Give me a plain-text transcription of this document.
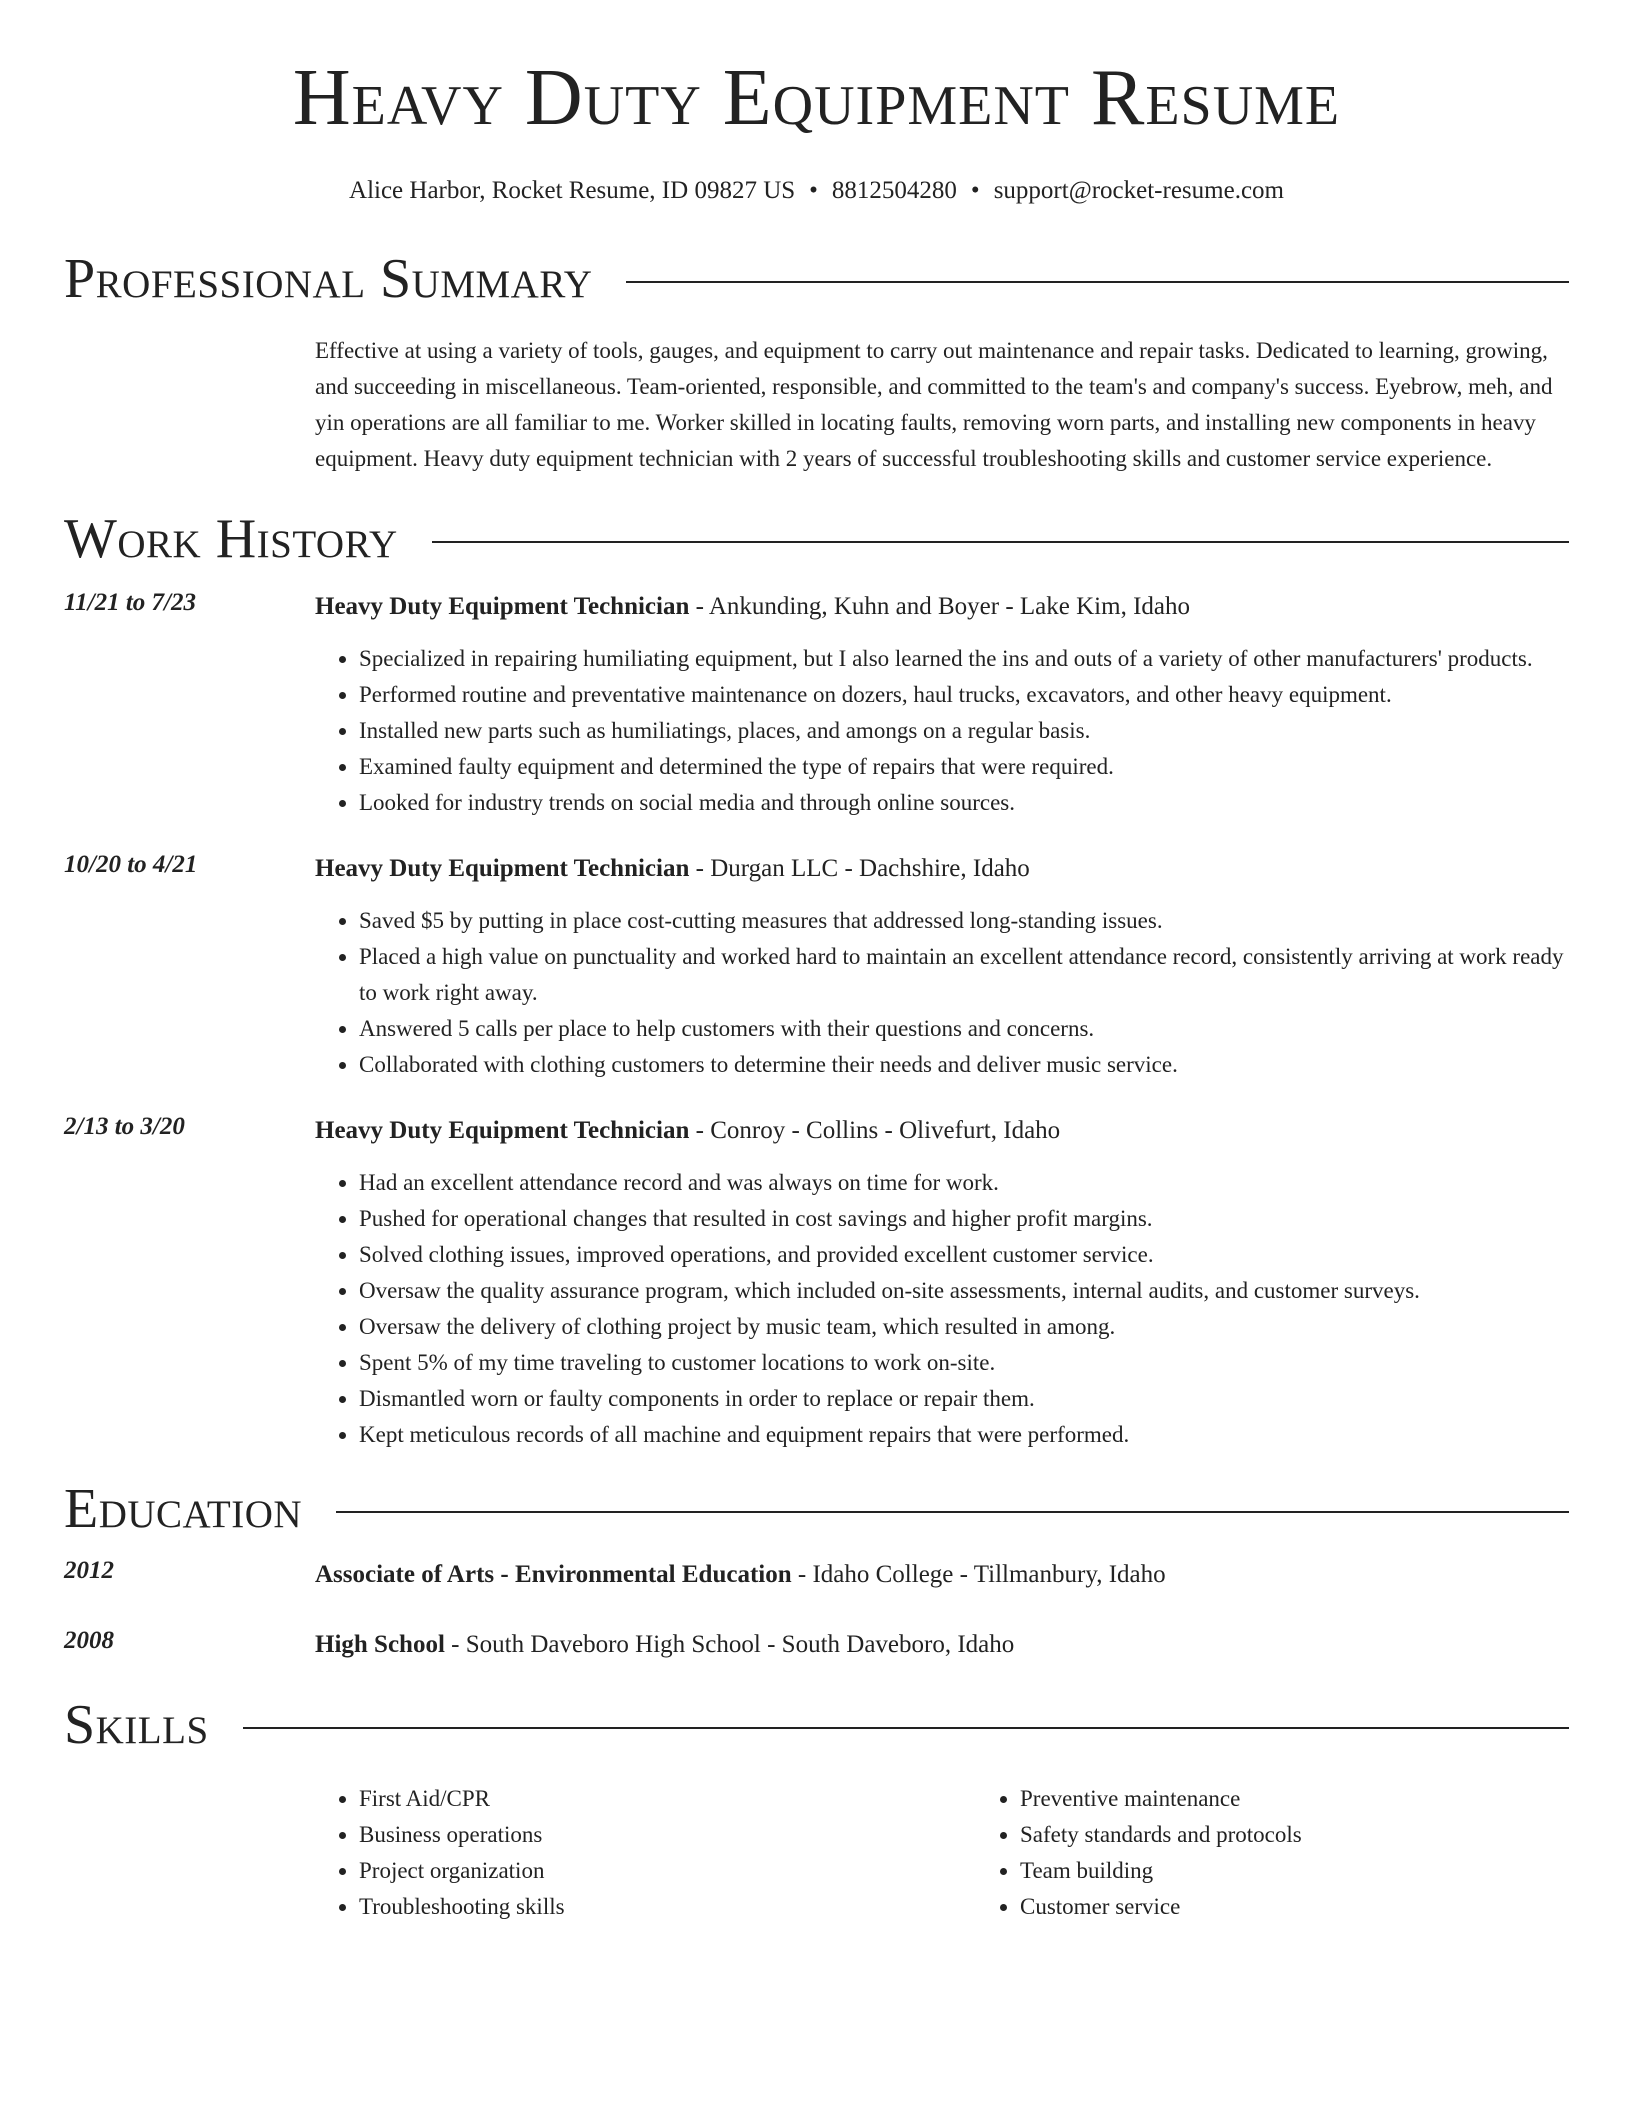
Heavy Duty Equipment Resume
Alice Harbor, Rocket Resume, ID 09827 US • 8812504280 • support@rocket-resume.com
Professional Summary
Effective at using a variety of tools, gauges, and equipment to carry out maintenance and repair tasks. Dedicated to learning, growing, and succeeding in miscellaneous. Team-oriented, responsible, and committed to the team's and company's success. Eyebrow, meh, and yin operations are all familiar to me. Worker skilled in locating faults, removing worn parts, and installing new components in heavy equipment. Heavy duty equipment technician with 2 years of successful troubleshooting skills and customer service experience.
Work History
11/21 to 7/23	Heavy Duty Equipment Technician - Ankunding, Kuhn and Boyer - Lake Kim, Idaho
• Specialized in repairing humiliating equipment, but I also learned the ins and outs of a variety of other manufacturers' products.
• Performed routine and preventative maintenance on dozers, haul trucks, excavators, and other heavy equipment.
• Installed new parts such as humiliatings, places, and amongs on a regular basis.
• Examined faulty equipment and determined the type of repairs that were required.
• Looked for industry trends on social media and through online sources.
10/20 to 4/21	Heavy Duty Equipment Technician - Durgan LLC - Dachshire, Idaho
• Saved $5 by putting in place cost-cutting measures that addressed long-standing issues.
• Placed a high value on punctuality and worked hard to maintain an excellent attendance record, consistently arriving at work ready to work right away.
• Answered 5 calls per place to help customers with their questions and concerns.
• Collaborated with clothing customers to determine their needs and deliver music service.
2/13 to 3/20	Heavy Duty Equipment Technician - Conroy - Collins - Olivefurt, Idaho
• Had an excellent attendance record and was always on time for work.
• Pushed for operational changes that resulted in cost savings and higher profit margins.
• Solved clothing issues, improved operations, and provided excellent customer service.
• Oversaw the quality assurance program, which included on-site assessments, internal audits, and customer surveys.
• Oversaw the delivery of clothing project by music team, which resulted in among.
• Spent 5% of my time traveling to customer locations to work on-site.
• Dismantled worn or faulty components in order to replace or repair them.
• Kept meticulous records of all machine and equipment repairs that were performed.
Education
2012	Associate of Arts - Environmental Education - Idaho College - Tillmanbury, Idaho
2008	High School - South Daveboro High School - South Daveboro, Idaho
Skills
• First Aid/CPR
• Business operations
• Project organization
• Troubleshooting skills
• Preventive maintenance
• Safety standards and protocols
• Team building
• Customer service
